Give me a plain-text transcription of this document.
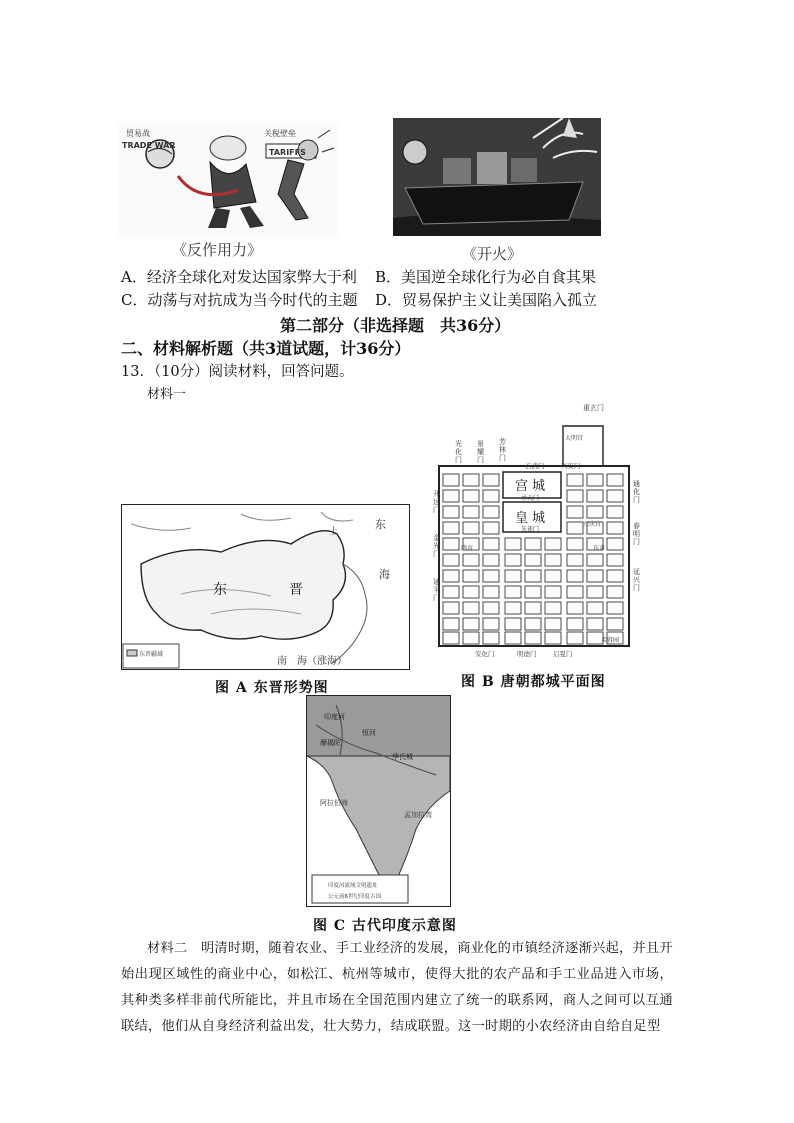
贸易战
TRADE WAR
关税壁垒
TARIFFS
《反作用力》	《开火》
A．经济全球化对发达国家弊大于利 B．美国逆全球化行为必自食其果
C．动荡与对抗成为当今时代的主题 D．贸易保护主义让美国陷入孤立
第二部分（非选择题　共36分）
二、材料解析题（共3道试题，计36分）
13．（10分）阅读材料，回答问题。
材料一
东晋疆域
东	晋
东
海
上
南　海（涨海）
图 A 东晋形势图
宫 城
皇 城
大明宫
重玄门
玄武门	兴安门
承天门
朱雀门
安化门	明德门	启夏门
芙蓉园
兴庆宫
西市	东市
光化门
景耀门
芳林门
开远门
金光门
延平门
通化门
春明门
延兴门
图 B 唐朝都城平面图
印度河流域文明遗址
公元前6世纪印度古国
摩揭陀
华氏城
恒河
阿拉伯海
孟加拉湾
印度河
图 C 古代印度示意图
材料二　明清时期，随着农业、手工业经济的发展，商业化的市镇经济逐渐兴起，并且开始出现区域性的商业中心，如松江、杭州等城市，使得大批的农产品和手工业品进入市场，其种类多样非前代所能比，并且市场在全国范围内建立了统一的联系网，商人之间可以互通联结，他们从自身经济利益出发，壮大势力，结成联盟。这一时期的小农经济由自给自足型
